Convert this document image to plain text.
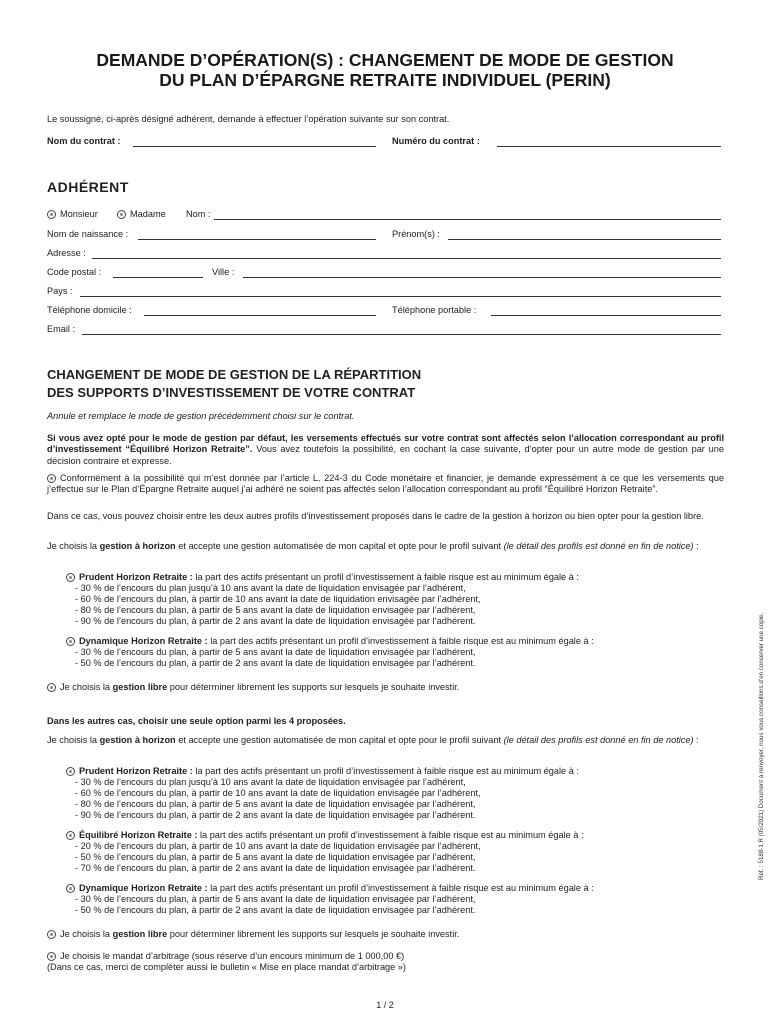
DEMANDE D’OPÉRATION(S) : CHANGEMENT DE MODE DE GESTION
DU PLAN D’ÉPARGNE RETRAITE INDIVIDUEL (PERIN)
Le soussigné, ci-après désigné adhérent, demande à effectuer l’opération suivante sur son contrat.
Nom du contrat :	Numéro du contrat :
ADHÉRENT
Monsieur	Madame Nom :
Nom de naissance :	Prénom(s) :
Adresse :
Code postal :	Ville :
Pays :
Téléphone domicile :	Téléphone portable :
Email :
CHANGEMENT DE MODE DE GESTION DE LA RÉPARTITION
DES SUPPORTS D’INVESTISSEMENT DE VOTRE CONTRAT
Annule et remplace le mode de gestion précédemment choisi sur le contrat.
Si vous avez opté pour le mode de gestion par défaut, les versements effectués sur votre contrat sont affectés selon l’allocation correspondant au profil d’investissement “Équilibré Horizon Retraite”. Vous avez toutefois la possibilité, en cochant la case suivante, d’opter pour un autre mode de gestion par une décision contraire et expresse.
Conformément à la possibilité qui m’est donnée par l’article L. 224-3 du Code monétaire et financier, je demande expressément à ce que les versements que j’effectue sur le Plan d’Épargne Retraite auquel j’ai adhéré ne soient pas affectés selon l’allocation correspondant au profil “Équilibré Horizon Retraite”.
Dans ce cas, vous pouvez choisir entre les deux autres profils d’investissement proposés dans le cadre de la gestion à horizon ou bien opter pour la gestion libre.
Je choisis la gestion à horizon et accepte une gestion automatisée de mon capital et opte pour le profil suivant (le détail des profils est donné en fin de notice) :
Prudent Horizon Retraite : la part des actifs présentant un profil d’investissement à faible risque est au minimum égale à :
- 30 % de l’encours du plan jusqu’à 10 ans avant la date de liquidation envisagée par l’adhérent,
- 60 % de l’encours du plan, à partir de 10 ans avant la date de liquidation envisagée par l’adhérent,
- 80 % de l’encours du plan, à partir de 5 ans avant la date de liquidation envisagée par l’adhérent,
- 90 % de l’encours du plan, à partir de 2 ans avant la date de liquidation envisagée par l’adhérent.
Dynamique Horizon Retraite : la part des actifs présentant un profil d’investissement à faible risque est au minimum égale à :
- 30 % de l’encours du plan, à partir de 5 ans avant la date de liquidation envisagée par l’adhérent,
- 50 % de l’encours du plan, à partir de 2 ans avant la date de liquidation envisagée par l’adhérent.
Je choisis la gestion libre pour déterminer librement les supports sur lesquels je souhaite investir.
Dans les autres cas, choisir une seule option parmi les 4 proposées.
Je choisis la gestion à horizon et accepte une gestion automatisée de mon capital et opte pour le profil suivant (le détail des profils est donné en fin de notice) :
Prudent Horizon Retraite : la part des actifs présentant un profil d’investissement à faible risque est au minimum égale à :
- 30 % de l’encours du plan jusqu’à 10 ans avant la date de liquidation envisagée par l’adhérent,
- 60 % de l’encours du plan, à partir de 10 ans avant la date de liquidation envisagée par l’adhérent,
- 80 % de l’encours du plan, à partir de 5 ans avant la date de liquidation envisagée par l’adhérent,
- 90 % de l’encours du plan, à partir de 2 ans avant la date de liquidation envisagée par l’adhérent.
Équilibré Horizon Retraite : la part des actifs présentant un profil d’investissement à faible risque est au minimum égale à :
- 20 % de l’encours du plan, à partir de 10 ans avant la date de liquidation envisagée par l’adhérent,
- 50 % de l’encours du plan, à partir de 5 ans avant la date de liquidation envisagée par l’adhérent,
- 70 % de l’encours du plan, à partir de 2 ans avant la date de liquidation envisagée par l’adhérent.
Dynamique Horizon Retraite : la part des actifs présentant un profil d’investissement à faible risque est au minimum égale à :
- 30 % de l’encours du plan, à partir de 5 ans avant la date de liquidation envisagée par l’adhérent,
- 50 % de l’encours du plan, à partir de 2 ans avant la date de liquidation envisagée par l’adhérent.
Je choisis la gestion libre pour déterminer librement les supports sur lesquels je souhaite investir.
Je choisis le mandat d’arbitrage (sous réserve d’un encours minimum de 1 000,00 €)
(Dans ce cas, merci de compléter aussi le bulletin « Mise en place mandat d’arbitrage »)
Réf. : 5188-1 R (05/2021) Document à renvoyer, nous vous conseillons d’en conserver une copie.
1 / 2
